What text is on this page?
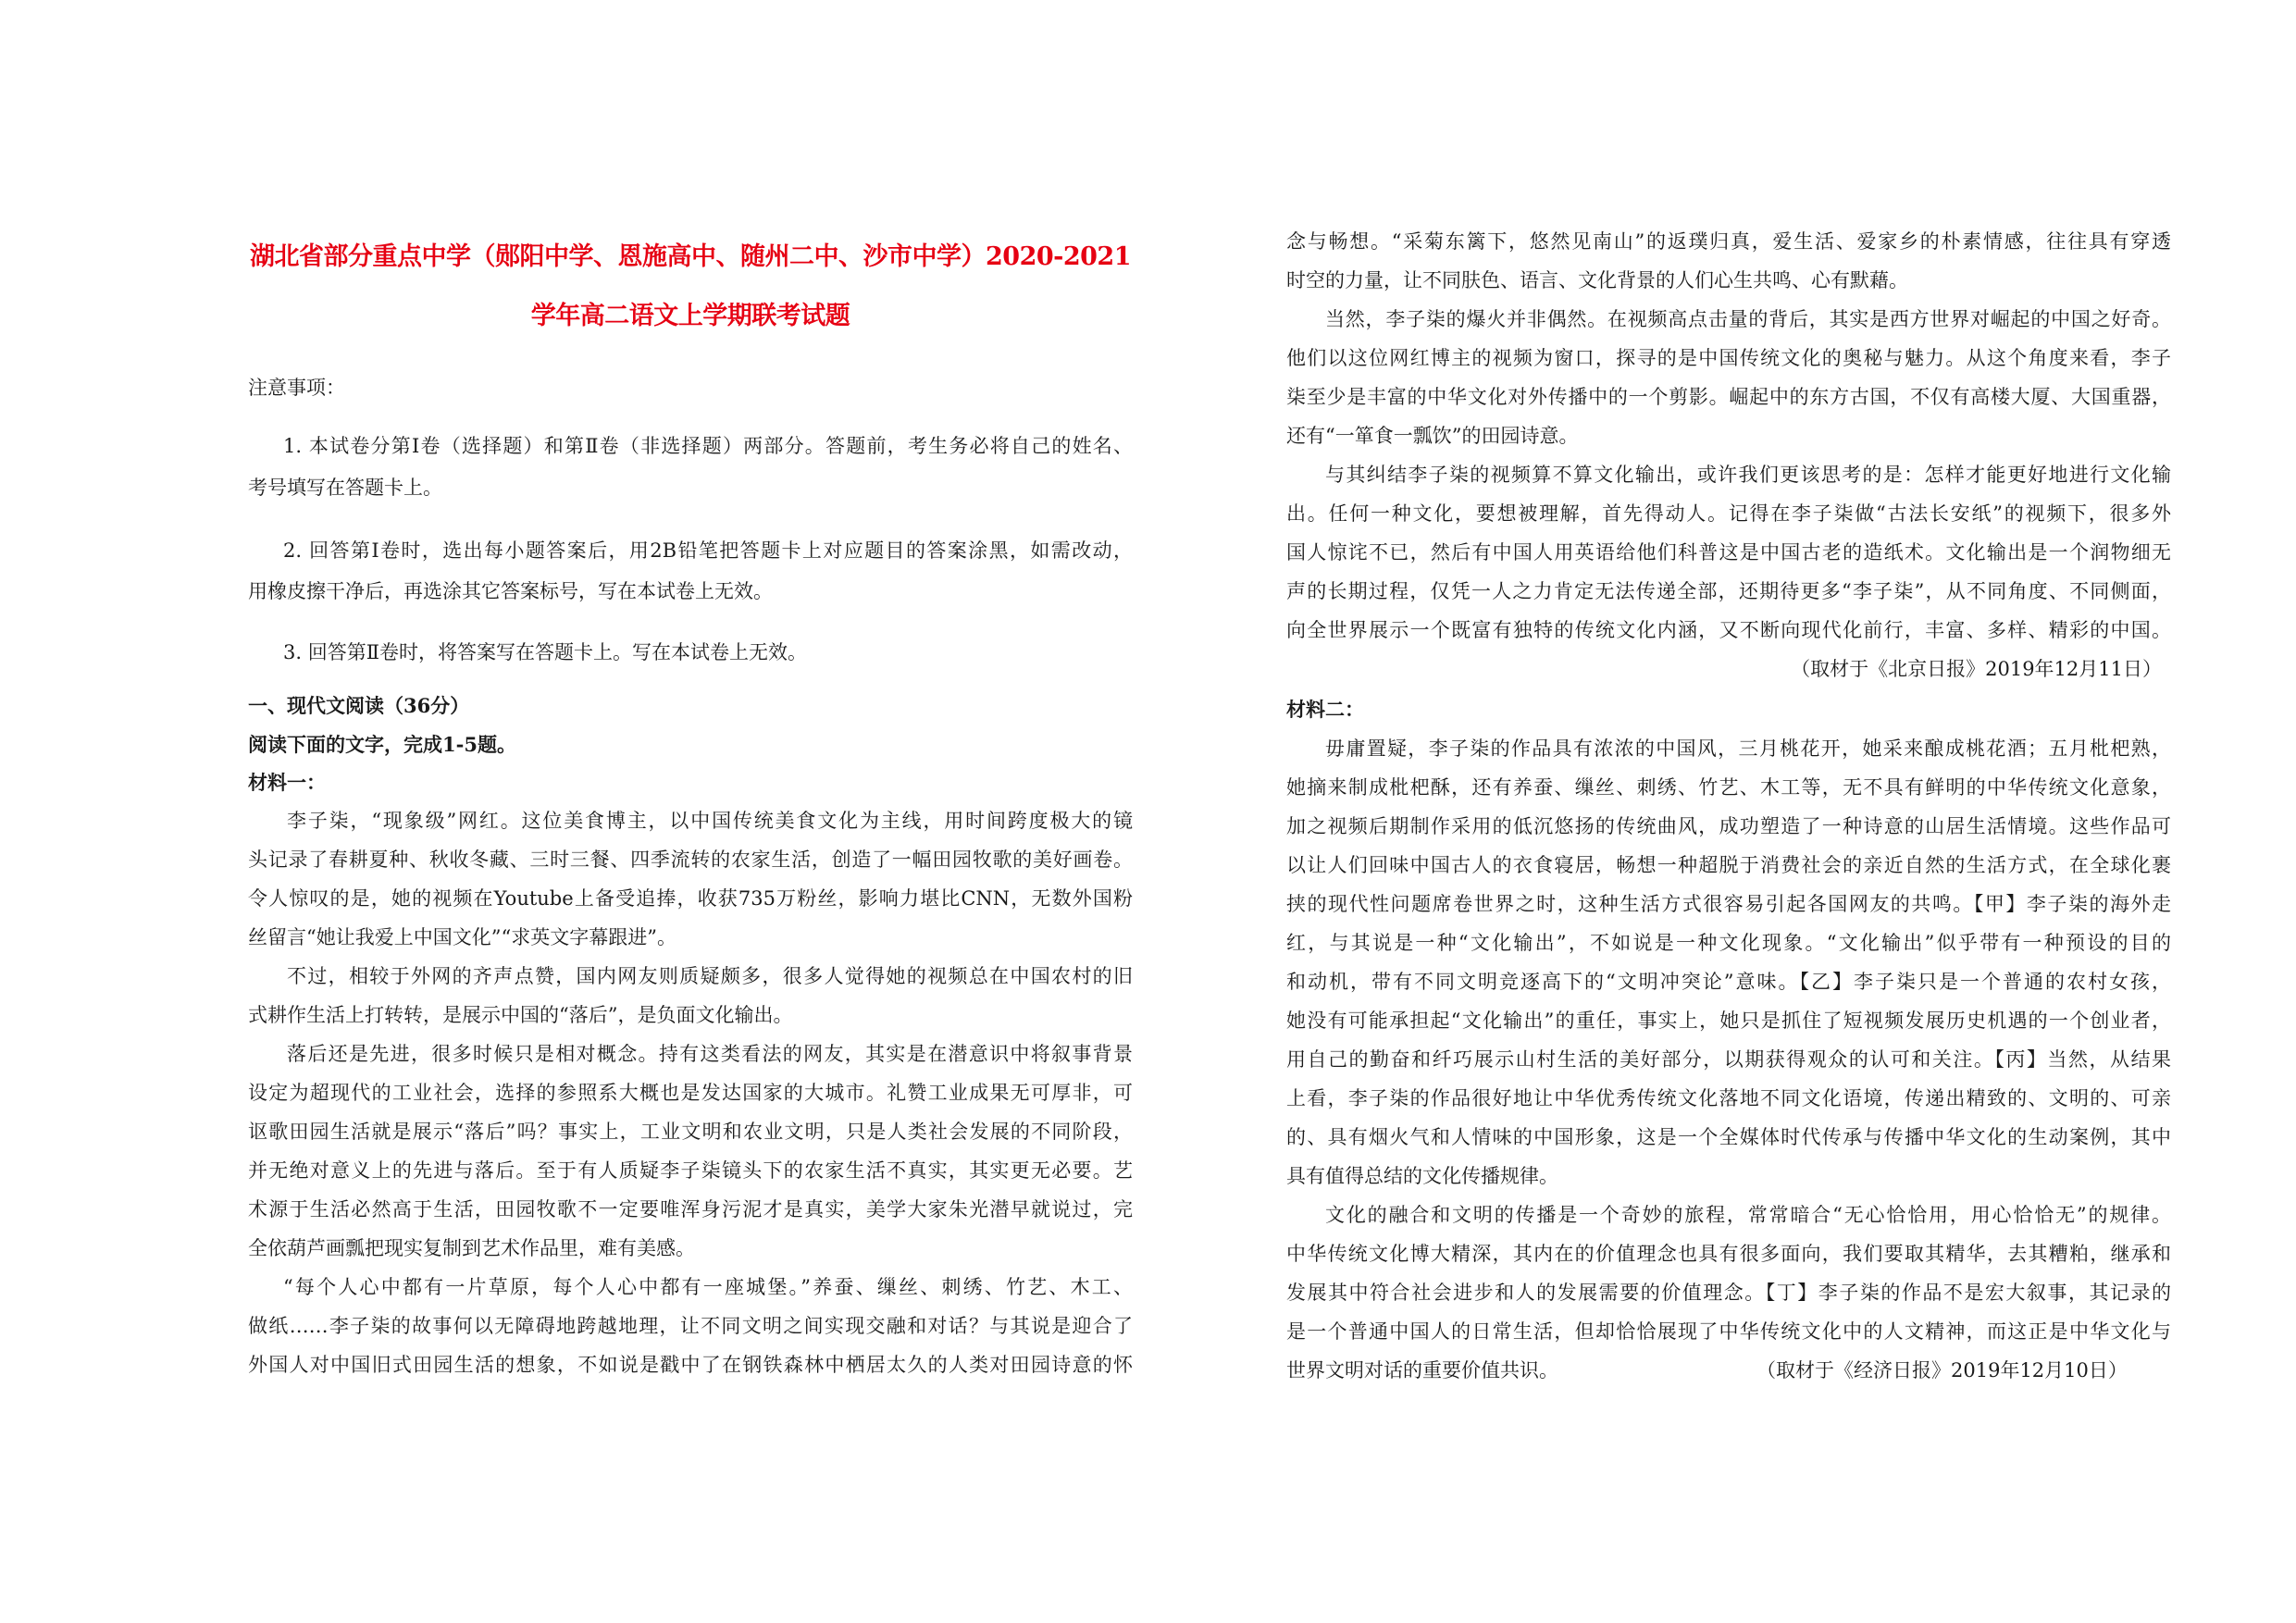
湖北省部分重点中学（郧阳中学、恩施高中、随州二中、沙市中学）2020-2021
学年高二语文上学期联考试题

注意事项：

1. 本试卷分第Ⅰ卷（选择题）和第Ⅱ卷（非选择题）两部分。答题前，考生务必将自己的姓名、

考号填写在答题卡上。

2. 回答第Ⅰ卷时，选出每小题答案后，用2B铅笔把答题卡上对应题目的答案涂黑，如需改动，

用橡皮擦干净后，再选涂其它答案标号，写在本试卷上无效。

3. 回答第Ⅱ卷时，将答案写在答题卡上。写在本试卷上无效。

一、现代文阅读（36分）

阅读下面的文字，完成1-5题。

材料一：

李子柒，“现象级”网红。这位美食博主，以中国传统美食文化为主线，用时间跨度极大的镜

头记录了春耕夏种、秋收冬藏、三时三餐、四季流转的农家生活，创造了一幅田园牧歌的美好画卷。

令人惊叹的是，她的视频在Youtube上备受追捧，收获735万粉丝，影响力堪比CNN，无数外国粉

丝留言“她让我爱上中国文化”“求英文字幕跟进”。

不过，相较于外网的齐声点赞，国内网友则质疑颇多，很多人觉得她的视频总在中国农村的旧

式耕作生活上打转转，是展示中国的“落后”，是负面文化输出。

落后还是先进，很多时候只是相对概念。持有这类看法的网友，其实是在潜意识中将叙事背景

设定为超现代的工业社会，选择的参照系大概也是发达国家的大城市。礼赞工业成果无可厚非，可

讴歌田园生活就是展示“落后”吗？事实上，工业文明和农业文明，只是人类社会发展的不同阶段，

并无绝对意义上的先进与落后。至于有人质疑李子柒镜头下的农家生活不真实，其实更无必要。艺

术源于生活必然高于生活，田园牧歌不一定要唯浑身污泥才是真实，美学大家朱光潜早就说过，完

全依葫芦画瓢把现实复制到艺术作品里，难有美感。

“每个人心中都有一片草原，每个人心中都有一座城堡。”养蚕、缫丝、刺绣、竹艺、木工、

做纸……李子柒的故事何以无障碍地跨越地理，让不同文明之间实现交融和对话？与其说是迎合了

外国人对中国旧式田园生活的想象，不如说是戳中了在钢铁森林中栖居太久的人类对田园诗意的怀

念与畅想。“采菊东篱下，悠然见南山”的返璞归真，爱生活、爱家乡的朴素情感，往往具有穿透

时空的力量，让不同肤色、语言、文化背景的人们心生共鸣、心有默藉。

当然，李子柒的爆火并非偶然。在视频高点击量的背后，其实是西方世界对崛起的中国之好奇。

他们以这位网红博主的视频为窗口，探寻的是中国传统文化的奥秘与魅力。从这个角度来看，李子

柒至少是丰富的中华文化对外传播中的一个剪影。崛起中的东方古国，不仅有高楼大厦、大国重器，

还有“一箪食一瓢饮”的田园诗意。

与其纠结李子柒的视频算不算文化输出，或许我们更该思考的是：怎样才能更好地进行文化输

出。任何一种文化，要想被理解，首先得动人。记得在李子柒做“古法长安纸”的视频下，很多外

国人惊诧不已，然后有中国人用英语给他们科普这是中国古老的造纸术。文化输出是一个润物细无

声的长期过程，仅凭一人之力肯定无法传递全部，还期待更多“李子柒”，从不同角度、不同侧面，

向全世界展示一个既富有独特的传统文化内涵，又不断向现代化前行，丰富、多样、精彩的中国。

（取材于《北京日报》2019年12月11日）

材料二：

毋庸置疑，李子柒的作品具有浓浓的中国风，三月桃花开，她采来酿成桃花酒；五月枇杷熟，

她摘来制成枇杷酥，还有养蚕、缫丝、刺绣、竹艺、木工等，无不具有鲜明的中华传统文化意象，

加之视频后期制作采用的低沉悠扬的传统曲风，成功塑造了一种诗意的山居生活情境。这些作品可

以让人们回味中国古人的衣食寝居，畅想一种超脱于消费社会的亲近自然的生活方式，在全球化裹

挟的现代性问题席卷世界之时，这种生活方式很容易引起各国网友的共鸣。【甲】李子柒的海外走

红，与其说是一种“文化输出”，不如说是一种文化现象。“文化输出”似乎带有一种预设的目的

和动机，带有不同文明竞逐高下的“文明冲突论”意味。【乙】李子柒只是一个普通的农村女孩，

她没有可能承担起“文化输出”的重任，事实上，她只是抓住了短视频发展历史机遇的一个创业者，

用自己的勤奋和纤巧展示山村生活的美好部分，以期获得观众的认可和关注。【丙】当然，从结果

上看，李子柒的作品很好地让中华优秀传统文化落地不同文化语境，传递出精致的、文明的、可亲

的、具有烟火气和人情味的中国形象，这是一个全媒体时代传承与传播中华文化的生动案例，其中

具有值得总结的文化传播规律。

文化的融合和文明的传播是一个奇妙的旅程，常常暗合“无心恰恰用，用心恰恰无”的规律。

中华传统文化博大精深，其内在的价值理念也具有很多面向，我们要取其精华，去其糟粕，继承和

发展其中符合社会进步和人的发展需要的价值理念。【丁】李子柒的作品不是宏大叙事，其记录的

是一个普通中国人的日常生活，但却恰恰展现了中华传统文化中的人文精神，而这正是中华文化与

世界文明对话的重要价值共识。	（取材于《经济日报》2019年12月10日）
